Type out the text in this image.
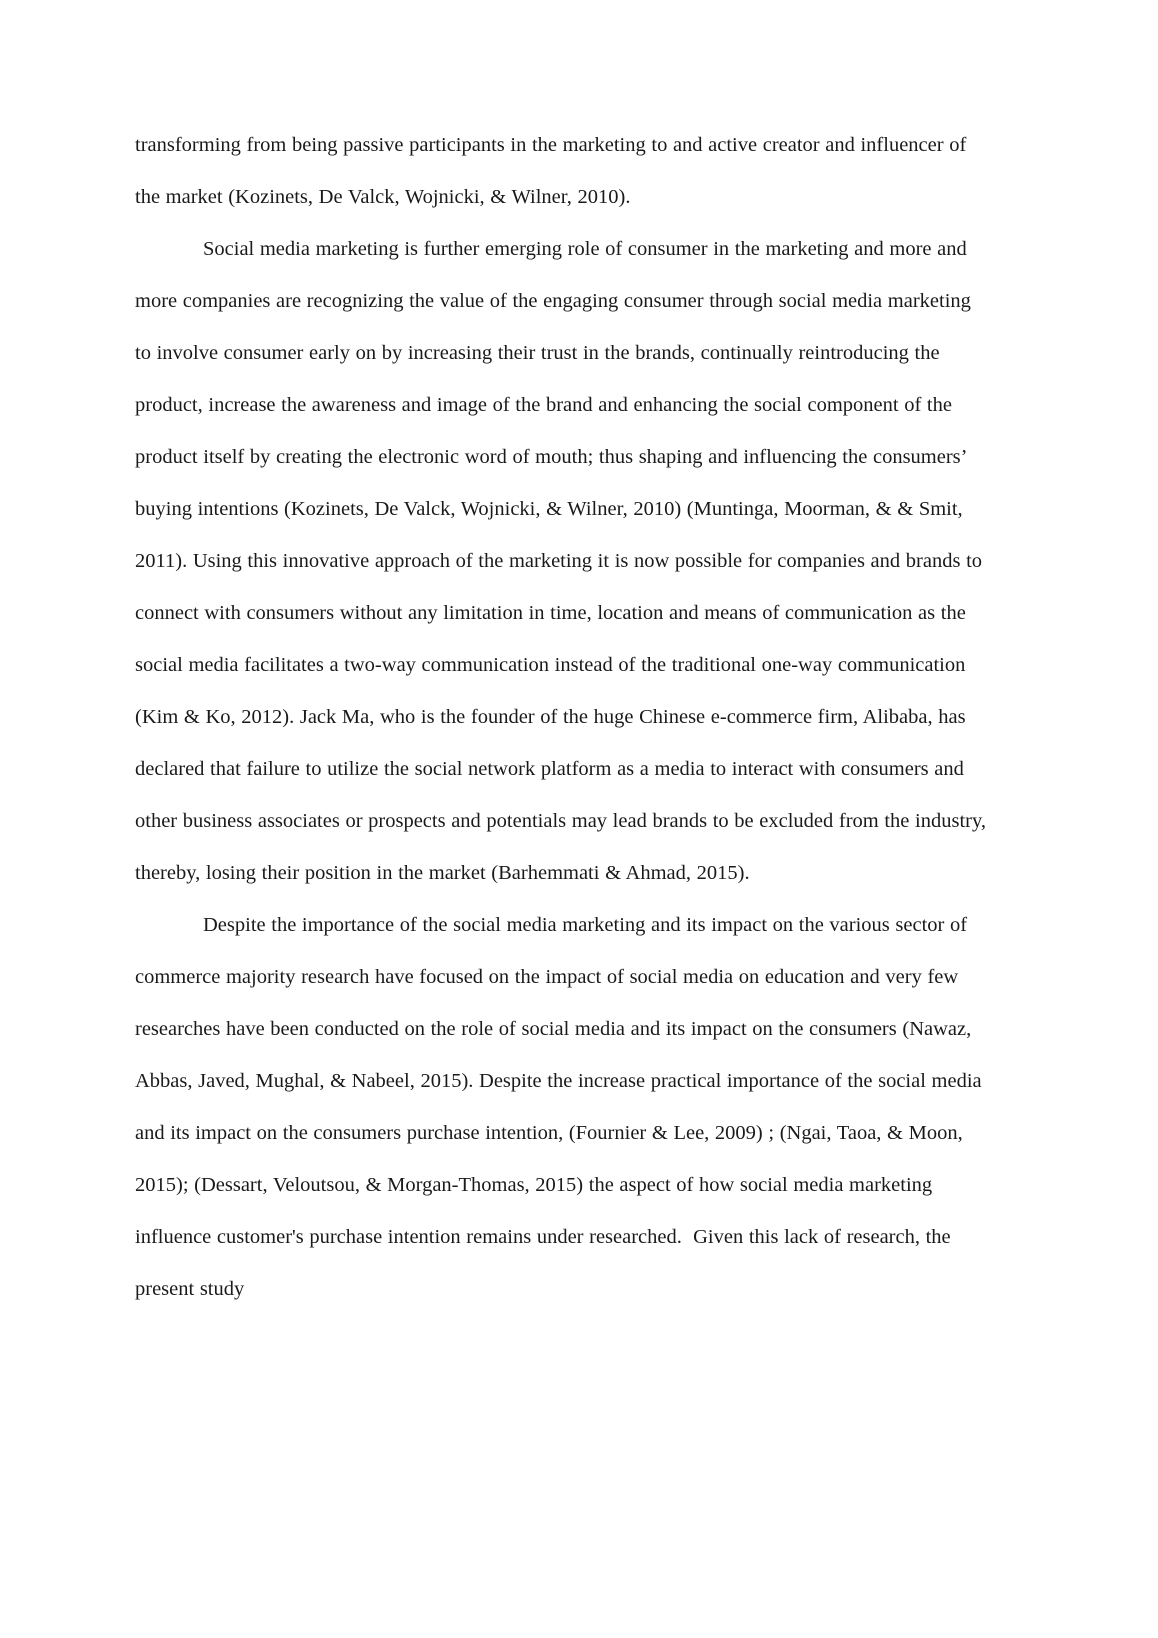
transforming from being passive participants in the marketing to and active creator and influencer of the market (Kozinets, De Valck, Wojnicki, & Wilner, 2010).

Social media marketing is further emerging role of consumer in the marketing and more and more companies are recognizing the value of the engaging consumer through social media marketing to involve consumer early on by increasing their trust in the brands, continually reintroducing the product, increase the awareness and image of the brand and enhancing the social component of the product itself by creating the electronic word of mouth; thus shaping and influencing the consumers’ buying intentions (Kozinets, De Valck, Wojnicki, & Wilner, 2010) (Muntinga, Moorman, & & Smit, 2011). Using this innovative approach of the marketing it is now possible for companies and brands to connect with consumers without any limitation in time, location and means of communication as the social media facilitates a two-way communication instead of the traditional one-way communication (Kim & Ko, 2012). Jack Ma, who is the founder of the huge Chinese e-commerce firm, Alibaba, has declared that failure to utilize the social network platform as a media to interact with consumers and other business associates or prospects and potentials may lead brands to be excluded from the industry, thereby, losing their position in the market (Barhemmati & Ahmad, 2015).

Despite the importance of the social media marketing and its impact on the various sector of commerce majority research have focused on the impact of social media on education and very few researches have been conducted on the role of social media and its impact on the consumers (Nawaz, Abbas, Javed, Mughal, & Nabeel, 2015). Despite the increase practical importance of the social media and its impact on the consumers purchase intention, (Fournier & Lee, 2009) ; (Ngai, Taoa, & Moon, 2015); (Dessart, Veloutsou, & Morgan-Thomas, 2015) the aspect of how social media marketing influence customer's purchase intention remains under researched.  Given this lack of research, the present study
